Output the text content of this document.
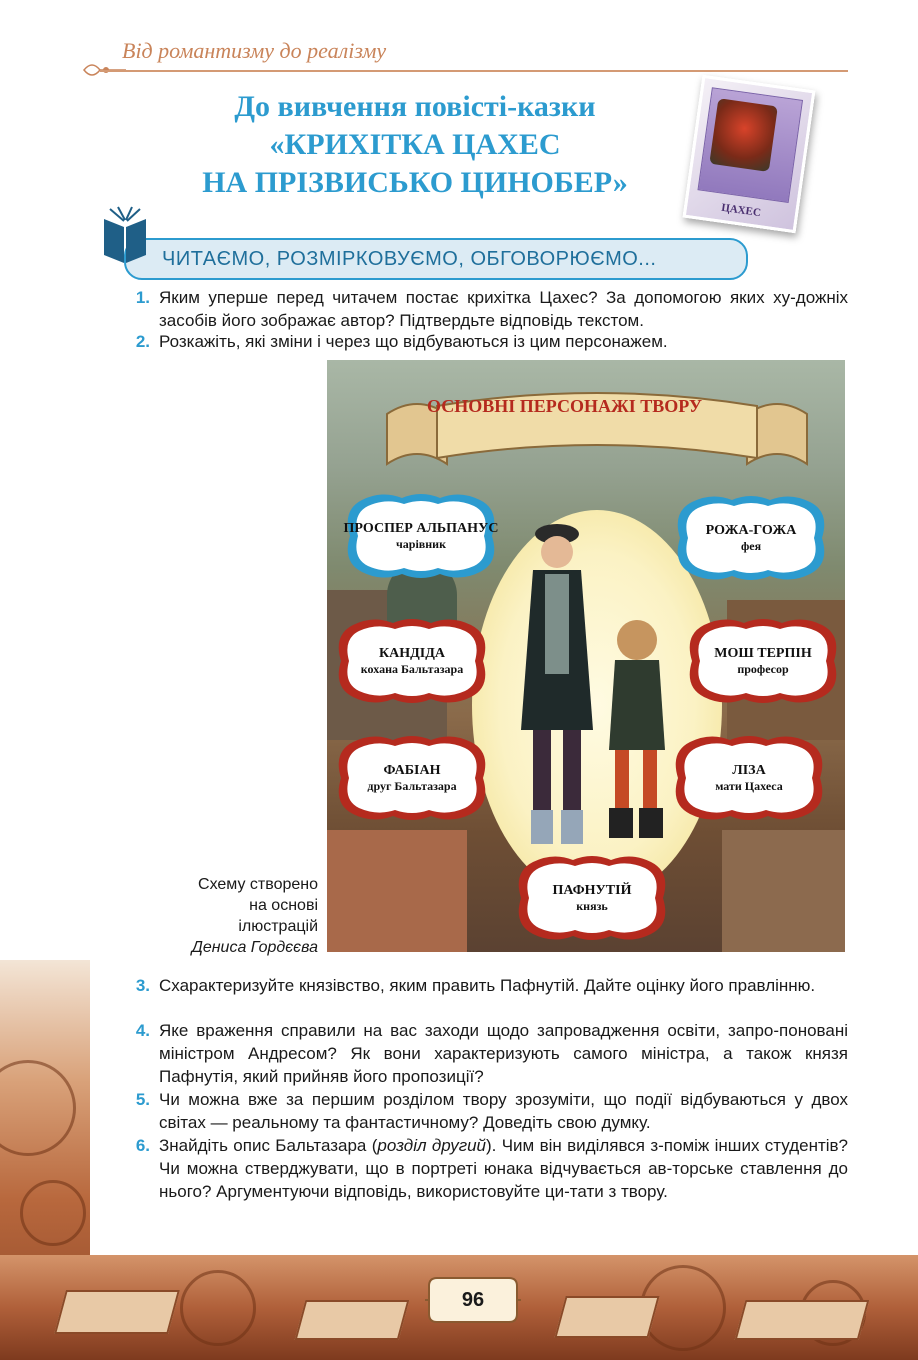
Від романтизму до реалізму
До вивчення повісті-казки
«КРИХІТКА ЦАХЕС
НА ПРІЗВИСЬКО ЦИНОБЕР»
ЦАХЕС
ЧИТАЄМО, РОЗМІРКОВУЄМО, ОБГОВОРЮЄМО...
1. Яким уперше перед читачем постає крихітка Цахес? За допомогою яких ху-дожніх засобів його зображає автор? Підтвердьте відповідь текстом.
2. Розкажіть, які зміни і через що відбуваються із цим персонажем.
ОСНОВНІ ПЕРСОНАЖІ ТВОРУ
ПРОСПЕР АЛЬПАНУС
чарівник
РОЖА-ГОЖА
фея
КАНДІДА
кохана Бальтазара
МОШ ТЕРПІН
професор
ФАБІАН
друг Бальтазара
ЛІЗА
мати Цахеса
ПАФНУТІЙ
князь
Схему створено
на основі
ілюстрацій
Дениса Гордєєва
3. Схарактеризуйте князівство, яким править Пафнутій. Дайте оцінку його правлінню.
4. Яке враження справили на вас заходи щодо запровадження освіти, запро-поновані міністром Андресом? Як вони характеризують самого міністра, а також князя Пафнутія, який прийняв його пропозиції?
5. Чи можна вже за першим розділом твору зрозуміти, що події відбуваються у двох світах — реальному та фантастичному? Доведіть свою думку.
6. Знайдіть опис Бальтазара (розділ другий). Чим він виділявся з-поміж інших студентів? Чи можна стверджувати, що в портреті юнака відчувається ав-торське ставлення до нього? Аргументуючи відповідь, використовуйте ци-тати з твору.
96
